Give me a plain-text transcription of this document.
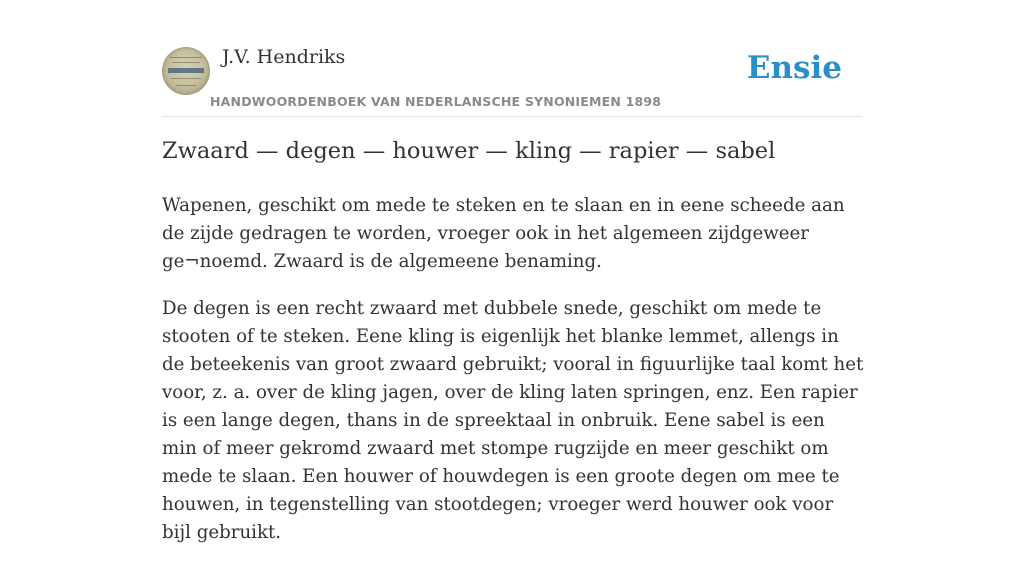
J.V. Hendriks
HANDWOORDENBOEK VAN NEDERLANSCHE SYNONIEMEN 1898
Ensie
Zwaard — degen — houwer — kling — rapier — sabel

Wapenen, geschikt om mede te steken en te slaan en in eene scheede aan de zijde gedragen te worden, vroeger ook in het algemeen zijdgeweer ge¬noemd. Zwaard is de algemeene benaming.

De degen is een recht zwaard met dubbele snede, geschikt om mede te stooten of te steken. Eene kling is eigenlijk het blanke lemmet, allengs in de beteekenis van groot zwaard gebruikt; vooral in figuurlijke taal komt het voor, z. a. over de kling jagen, over de kling laten springen, enz. Een rapier is een lange degen, thans in de spreektaal in onbruik. Eene sabel is een min of meer gekromd zwaard met stompe rugzijde en meer geschikt om mede te slaan. Een houwer of houwdegen is een groote degen om mee te houwen, in tegenstelling van stootdegen; vroeger werd houwer ook voor bijl gebruikt.
